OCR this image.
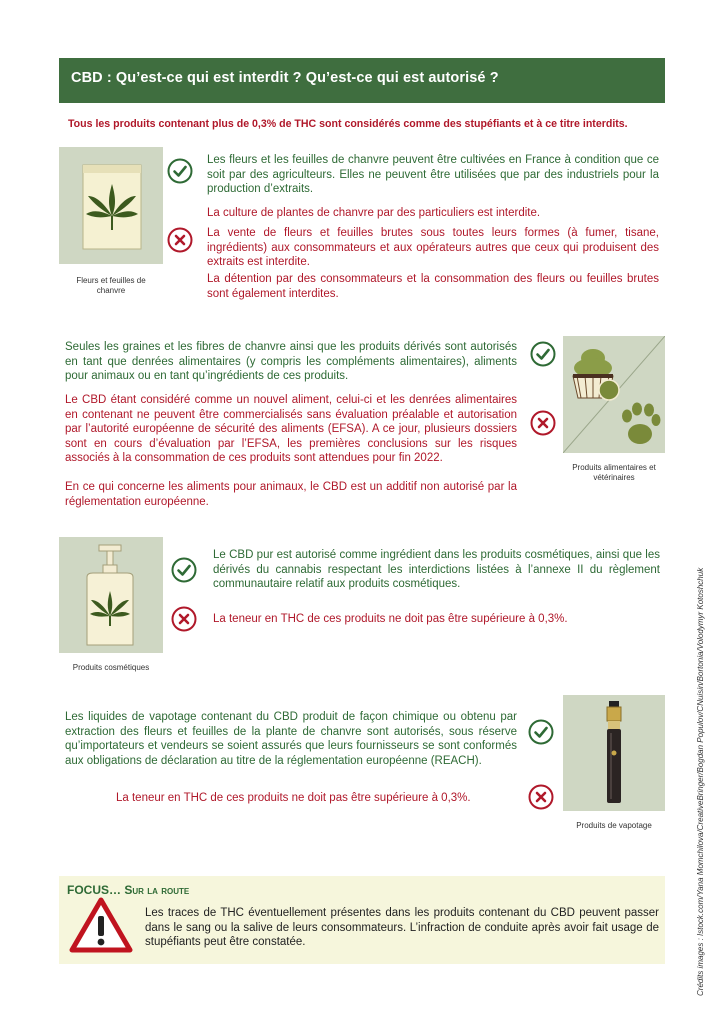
CBD : Qu’est-ce qui est interdit ? Qu’est-ce qui est autorisé ?
Tous les produits contenant plus de 0,3% de THC sont considérés comme des stupéfiants et à ce titre interdits.
Fleurs et feuilles de chanvre
Les fleurs et les feuilles de chanvre peuvent être cultivées en France à condition que ce soit par des agriculteurs. Elles ne peuvent être utilisées que par des industriels pour la production d’extraits.
La culture de plantes de chanvre par des particuliers est interdite.
La vente de fleurs et feuilles brutes sous toutes leurs formes (à fumer, tisane, ingrédients) aux consommateurs et aux opérateurs autres que ceux qui produisent des extraits est interdite.
La détention par des consommateurs et la consommation des fleurs ou feuilles brutes sont également interdites.
Seules les graines et les fibres de chanvre ainsi que les produits dérivés sont autorisés en tant que denrées alimentaires (y compris les compléments alimentaires), aliments pour animaux ou en tant qu’ingrédients de ces produits.
Le CBD étant considéré comme un nouvel aliment, celui-ci et les denrées alimentaires en contenant ne peuvent être commercialisés sans évaluation préalable et autorisation par l’autorité européenne de sécurité des aliments (EFSA). A ce jour, plusieurs dossiers sont en cours d’évaluation par l’EFSA, les premières conclusions sur les risques associés à la consommation de ces produits sont attendues pour fin 2022.
En ce qui concerne les aliments pour animaux, le CBD est un additif non autorisé par la réglementation européenne.
Produits alimentaires et vétérinaires
Produits cosmétiques
Le CBD pur est autorisé comme ingrédient dans les produits cosmétiques, ainsi que les dérivés du cannabis respectant les interdictions listées à l’annexe II du règlement communautaire relatif aux produits cosmétiques.
La teneur en THC de ces produits ne doit pas être supérieure à 0,3%.
Les liquides de vapotage contenant du CBD produit de façon chimique ou obtenu par extraction des fleurs et feuilles de la plante de chanvre sont autorisés, sous réserve qu’importateurs et vendeurs se soient assurés que leurs fournisseurs se sont conformés aux obligations de déclaration au titre de la réglementation européenne (REACH).
La teneur en THC de ces produits ne doit pas être supérieure à 0,3%.
Produits de vapotage
FOCUS… Sur la route
Les traces de THC éventuellement présentes dans les produits contenant du CBD peuvent passer dans le sang ou la salive de leurs consommateurs. L’infraction de conduite après avoir fait usage de stupéfiants peut être constatée.	Crédits images : Istock.com/Yana Momchilova/CreativeBringer/Bogdan Populov/CNuisin/Bortonia/Volodymyr Kotoshchuk
